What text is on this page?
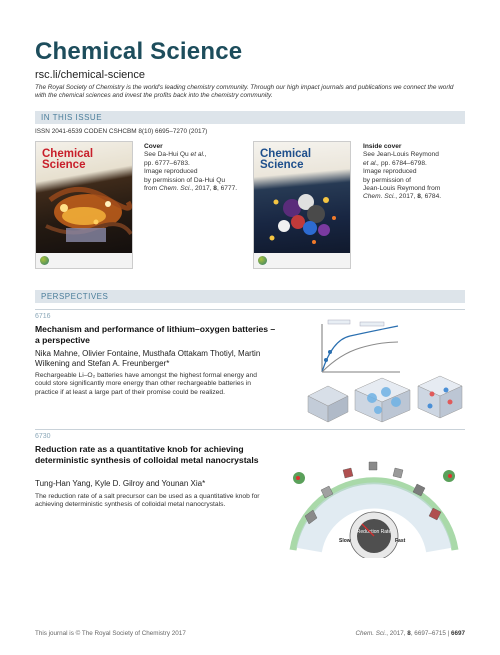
Chemical Science
rsc.li/chemical-science
The Royal Society of Chemistry is the world's leading chemistry community. Through our high impact journals and publications we connect the world with the chemical sciences and invest the profits back into the chemistry community.
IN THIS ISSUE
ISSN 2041-6539 CODEN CSHCBM 8(10) 6695–7270 (2017)
Chemical
Science
Cover
See Da-Hui Qu et al.,
pp. 6777–6783.
Image reproduced
by permission of Da-Hui Qu
from Chem. Sci., 2017, 8, 6777.
Chemical
Science
Inside cover
See Jean-Louis Reymond
et al., pp. 6784–6798.
Image reproduced
by permission of
Jean-Louis Reymond from
Chem. Sci., 2017, 8, 6784.
PERSPECTIVES
6716
Mechanism and performance of lithium–oxygen batteries – a perspective
Nika Mahne, Olivier Fontaine, Musthafa Ottakam Thotiyl, Martin Wilkening and Stefan A. Freunberger*
Rechargeable Li–O₂ batteries have amongst the highest formal energy and could store significantly more energy than other rechargeable batteries in practice if at least a large part of their promise could be realized.
6730
Reduction rate as a quantitative knob for achieving deterministic synthesis of colloidal metal nanocrystals
Tung-Han Yang, Kyle D. Gilroy and Younan Xia*
The reduction rate of a salt precursor can be used as a quantitative knob for achieving deterministic synthesis of colloidal metal nanocrystals.
Reduction Rate
Slow	Fast
This journal is © The Royal Society of Chemistry 2017	Chem. Sci., 2017, 8, 6697–6715 | 6697
